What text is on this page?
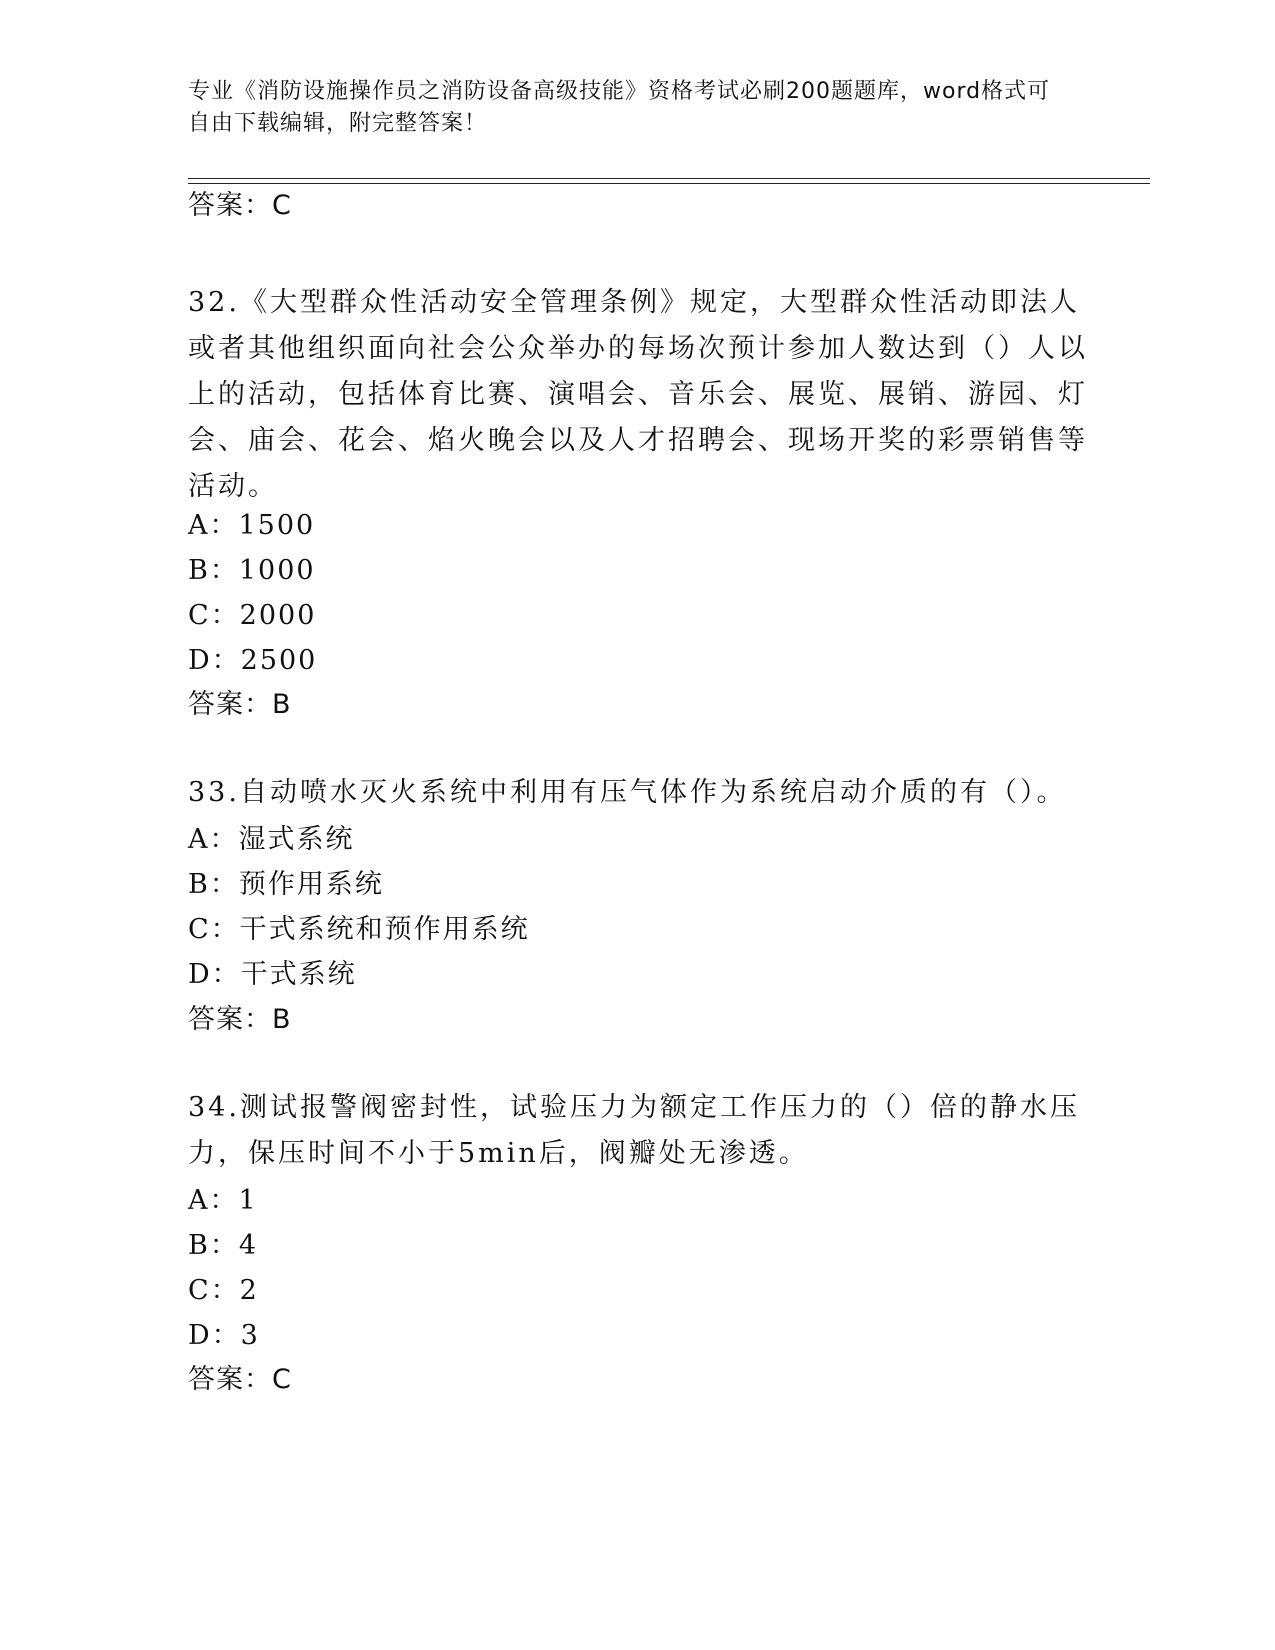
专业《消防设施操作员之消防设备高级技能》资格考试必刷200题题库，word格式可自由下载编辑，附完整答案！
答案：C
32.《大型群众性活动安全管理条例》规定，大型群众性活动即法人或者其他组织面向社会公众举办的每场次预计参加人数达到（）人以上的活动，包括体育比赛、演唱会、音乐会、展览、展销、游园、灯会、庙会、花会、焰火晚会以及人才招聘会、现场开奖的彩票销售等活动。
A：1500
B：1000
C：2000
D：2500
答案：B
33.自动喷水灭火系统中利用有压气体作为系统启动介质的有（）。
A：湿式系统
B：预作用系统
C：干式系统和预作用系统
D：干式系统
答案：B
34.测试报警阀密封性，试验压力为额定工作压力的（）倍的静水压力，保压时间不小于5min后，阀瓣处无渗透。
A：1
B：4
C：2
D：3
答案：C
